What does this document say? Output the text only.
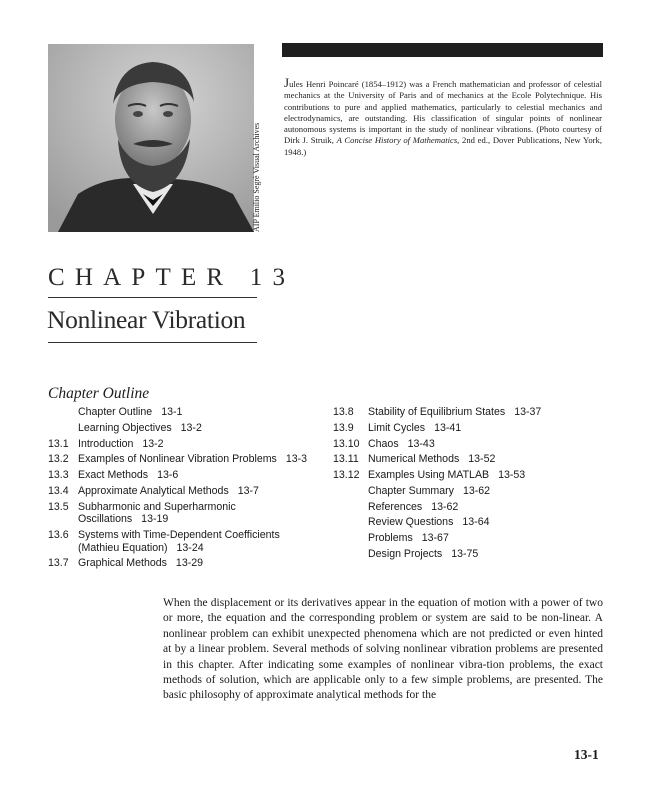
AIP Emilio Segrè Visual Archives
Jules Henri Poincaré (1854–1912) was a French mathematician and professor of celestial mechanics at the University of Paris and of mechanics at the Ecole Polytechnique. His contributions to pure and applied mathematics, particularly to celestial mechanics and electrodynamics, are outstanding. His classification of singular points of nonlinear autonomous systems is important in the study of nonlinear vibrations. (Photo courtesy of Dirk J. Struik, A Concise History of Mathematics, 2nd ed., Dover Publications, New York, 1948.)
CHAPTER 13
Nonlinear Vibration
Chapter Outline
Chapter Outline 13-1
Learning Objectives 13-2
13.1 Introduction 13-2
13.2 Examples of Nonlinear Vibration Problems 13-3
13.3 Exact Methods 13-6
13.4 Approximate Analytical Methods 13-7
13.5 Subharmonic and Superharmonic Oscillations 13-19
13.6 Systems with Time-Dependent Coefficients (Mathieu Equation) 13-24
13.7 Graphical Methods 13-29
13.8	Stability of Equilibrium States 13-37
13.9	Limit Cycles 13-41
13.10 Chaos 13-43
13.11 Numerical Methods 13-52
13.12 Examples Using MATLAB 13-53
Chapter Summary 13-62
References 13-62
Review Questions 13-64
Problems 13-67
Design Projects 13-75
When the displacement or its derivatives appear in the equation of motion with a power of two or more, the equation and the corresponding problem or system are said to be non-linear. A nonlinear problem can exhibit unexpected phenomena which are not predicted or even hinted at by a linear problem. Several methods of solving nonlinear vibration problems are presented in this chapter. After indicating some examples of nonlinear vibra-tion problems, the exact methods of solution, which are applicable only to a few simple problems, are presented. The basic philosophy of approximate analytical methods for the
13-1
